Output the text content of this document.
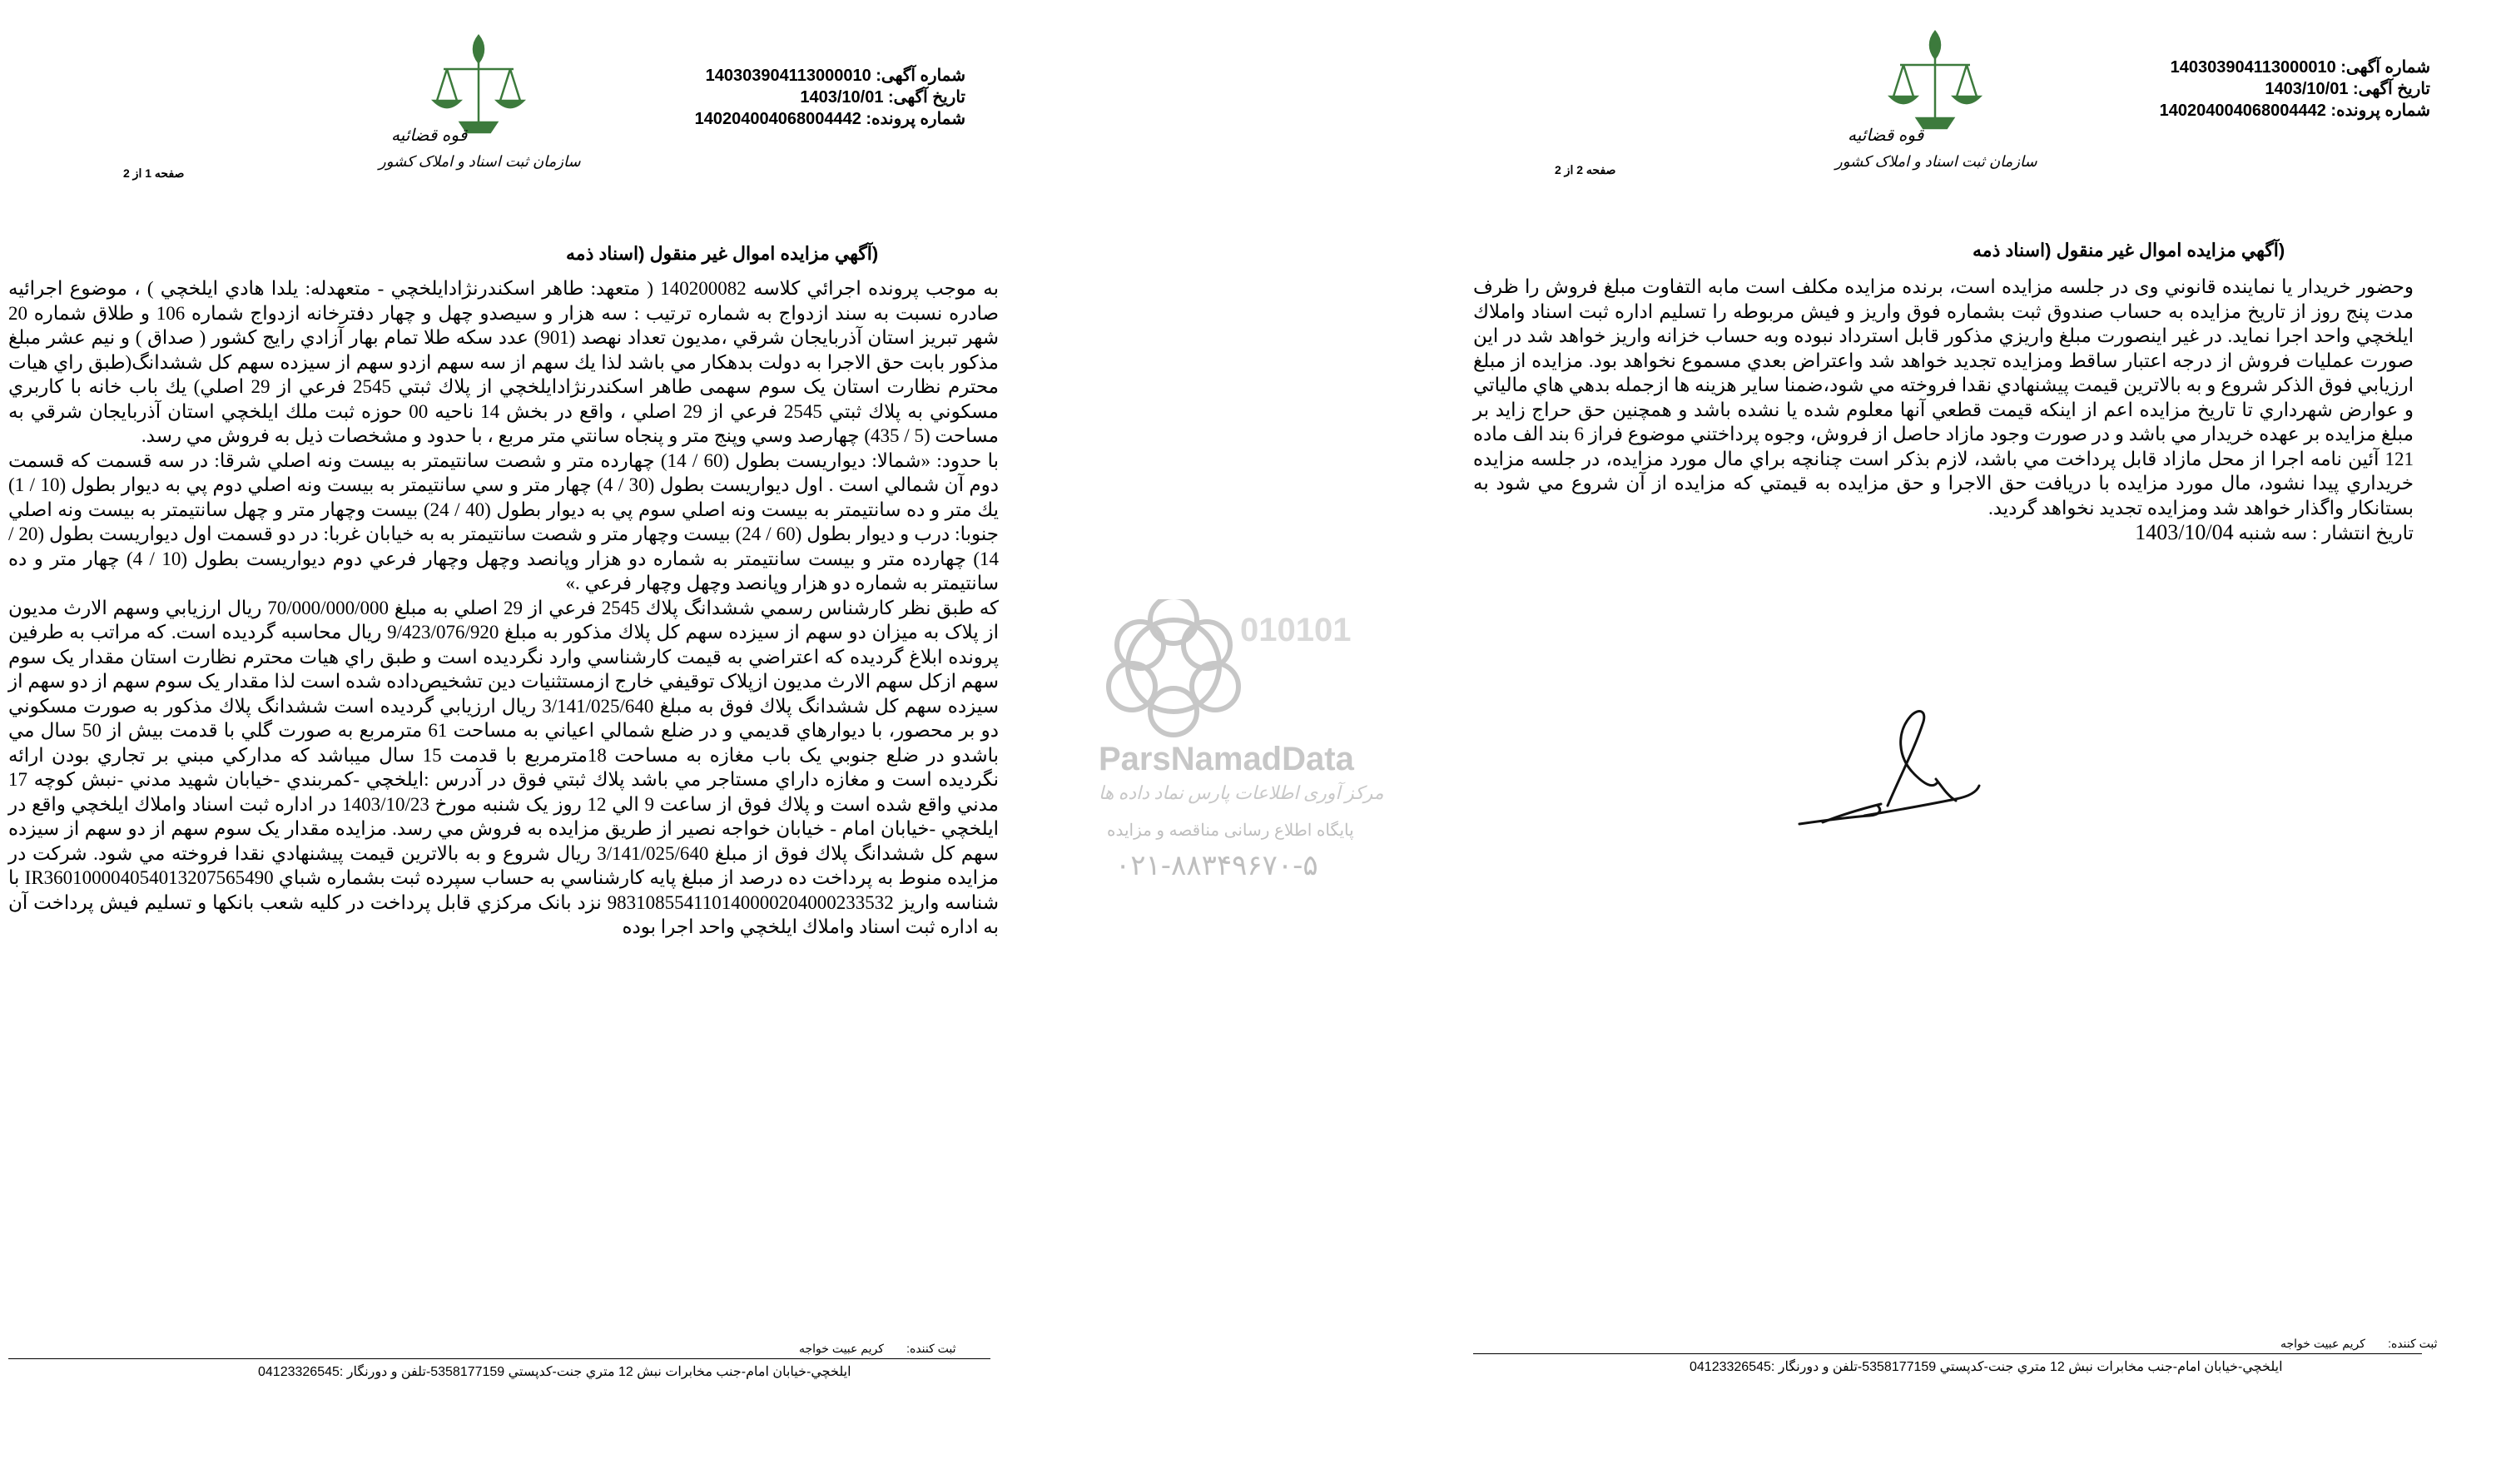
قوه قضائیه
سازمان ثبت اسناد و املاک کشور
شماره آگهی: 140303904113000010
تاریخ آگهی: 1403/10/01
شماره پرونده: 140204004068004442
صفحه 1 از 2
(آگهي مزايده اموال غير منقول (اسناد ذمه

به موجب پرونده اجرائي كلاسه 140200082 ( متعهد: طاهر اسكندرنژادايلخچي - متعهدله: يلدا هادي ايلخچي ) ، موضوع اجرائيه صادره نسبت به سند ازدواج به شماره ترتيب : سه هزار و سيصدو چهل و چهار دفترخانه ازدواج شماره 106 و طلاق شماره 20 شهر تبريز استان آذربايجان شرقي ،مديون تعداد نهصد (901) عدد سكه طلا تمام بهار آزادي رايج كشور ( صداق ) و نيم عشر مبلغ مذكور بابت حق الاجرا به دولت بدهكار مي باشد لذا يك سهم از سه سهم ازدو سهم از سيزده سهم كل ششدانگ(طبق راي هيات محترم نظارت استان يک سوم سهمی طاهر اسكندرنژادايلخچي از پلاك ثبتي 2545 فرعي از 29 اصلي) يك باب خانه با كاربري مسكوني به پلاك ثبتي 2545 فرعي از 29 اصلي ، واقع در بخش 14 ناحيه 00 حوزه ثبت ملك ايلخچي استان آذربايجان شرقي به مساحت (5 / 435) چهارصد وسي وپنج متر و پنجاه سانتي متر مربع ، با حدود و مشخصات ذيل به فروش مي رسد.

با حدود: «شمالا: ديواريست بطول (60 / 14) چهارده متر و شصت سانتيمتر به بيست ونه اصلي شرقا: در سه قسمت كه قسمت دوم آن شمالي است . اول ديواريست بطول (30 / 4) چهار متر و سي سانتيمتر به بيست ونه اصلي دوم پي به ديوار بطول (10 / 1) يك متر و ده سانتيمتر به بيست ونه اصلي سوم پي به ديوار بطول (40 / 24) بيست وچهار متر و چهل سانتيمتر به بيست ونه اصلي جنوبا: درب و ديوار بطول (60 / 24) بيست وچهار متر و شصت سانتيمتر به به خيابان غربا: در دو قسمت اول ديواريست بطول (20 / 14) چهارده متر و بيست سانتيمتر به شماره دو هزار وپانصد وچهل وچهار فرعي دوم ديواريست بطول (10 / 4) چهار متر و ده سانتيمتر به شماره دو هزار وپانصد وچهل وچهار فرعي .»

كه طبق نظر كارشناس رسمي ششدانگ پلاك 2545 فرعي از 29 اصلي به مبلغ 70/000/000/000 ريال ارزيابي وسهم الارث مديون از پلاک به ميزان دو سهم از سيزده سهم كل پلاك مذكور به مبلغ 9/423/076/920 ريال محاسبه گرديده است. كه مراتب به طرفين پرونده ابلاغ گرديده كه اعتراضي به قيمت كارشناسي وارد نگرديده است و طبق راي هيات محترم نظارت استان مقدار يک سوم سهم ازکل سهم الارث مديون ازپلاک توقيفي خارج ازمستثنيات دين تشخيص‌داده شده است لذا مقدار يک سوم سهم از دو سهم از سيزده سهم كل ششدانگ پلاك فوق به مبلغ 3/141/025/640 ريال ارزيابي گرديده است ششدانگ پلاك مذكور به صورت مسكوني دو بر محصور، با ديوارهاي قديمي و در ضلع شمالي اعياني به مساحت 61 مترمربع به صورت گلي با قدمت بيش از 50 سال مي باشدو در ضلع جنوبي يک باب مغازه به مساحت 18مترمربع با قدمت 15 سال ميباشد كه مداركي مبني بر تجاري بودن ارائه نگرديده است و مغازه داراي مستاجر مي باشد پلاك ثبتي فوق در آدرس :ايلخچي -كمربندي -خيابان شهيد مدني -نبش كوچه 17 مدني واقع شده است و پلاك فوق از ساعت 9 الي 12 روز يک شنبه مورخ 1403/10/23 در اداره ثبت اسناد واملاك ايلخچي واقع در ايلخچي -خيابان امام - خيابان خواجه نصير از طريق مزايده به فروش مي رسد. مزايده مقدار يک سوم سهم از دو سهم از سيزده سهم كل ششدانگ پلاك فوق از مبلغ 3/141/025/640 ريال شروع و به بالاترين قيمت پيشنهادي نقدا فروخته مي شود. شركت در مزايده منوط به پرداخت ده درصد از مبلغ پايه كارشناسي به حساب سپرده ثبت بشماره شباي IR360100004054013207565490 با شناسه واريز 983108554110140000204000233532 نزد بانک مركزي قابل پرداخت در كليه شعب بانكها و تسليم فيش پرداخت آن به اداره ثبت اسناد واملاك ايلخچي واحد اجرا بوده

ثبت کننده:       کريم عبيت خواجه
ايلخچي-خيابان امام-جنب مخابرات نبش 12 متري جنت-کدپستي 5358177159-تلفن و دورنگار :04123326545
010101
ParsNamadData
مرکز آوری اطلاعات پارس نماد داده ها
پایگاه اطلاع رسانی مناقصه و مزایده
۰۲۱-۸۸۳۴۹۶۷۰-۵
قوه قضائیه
سازمان ثبت اسناد و املاک کشور
شماره آگهی: 140303904113000010
تاریخ آگهی: 1403/10/01
شماره پرونده: 140204004068004442
صفحه 2 از 2
(آگهي مزايده اموال غير منقول (اسناد ذمه

وحضور خريدار يا نماينده قانوني وى در جلسه مزايده است، برنده مزايده مكلف است مابه التفاوت مبلغ فروش را ظرف مدت پنج روز از تاريخ مزايده به حساب صندوق ثبت بشماره فوق واريز و فيش مربوطه را تسليم اداره ثبت اسناد واملاك ايلخچي واحد اجرا نمايد. در غير اينصورت مبلغ واريزي مذكور قابل استرداد نبوده وبه حساب خزانه واريز خواهد شد در اين صورت عمليات فروش از درجه اعتبار ساقط ومزايده تجديد خواهد شد واعتراض بعدي مسموع نخواهد بود. مزايده از مبلغ ارزيابي فوق الذكر شروع و به بالاترين قيمت پيشنهادي نقدا فروخته مي شود،ضمنا ساير هزينه ها ازجمله بدهي هاي مالياتي و عوارض شهرداري تا تاريخ مزايده اعم از اينكه قيمت قطعي آنها معلوم شده يا نشده باشد و همچنين حق حراج زايد بر مبلغ مزايده بر عهده خريدار مي باشد و در صورت وجود مازاد حاصل از فروش، وجوه پرداختني موضوع فراز 6 بند الف ماده 121 آئين نامه اجرا از محل مازاد قابل پرداخت مي باشد، لازم بذكر است چنانچه براي مال مورد مزايده، در جلسه مزايده خريداري پيدا نشود، مال مورد مزايده با دريافت حق الاجرا و حق مزايده به قيمتي كه مزايده از آن شروع مي شود به بستانكار واگذار خواهد شد ومزايده تجديد نخواهد گرديد.

تاريخ انتشار : سه شنبه 1403/10/04

ثبت کننده:       کريم عبيت خواجه
ايلخچي-خيابان امام-جنب مخابرات نبش 12 متري جنت-کدپستي 5358177159-تلفن و دورنگار :04123326545
